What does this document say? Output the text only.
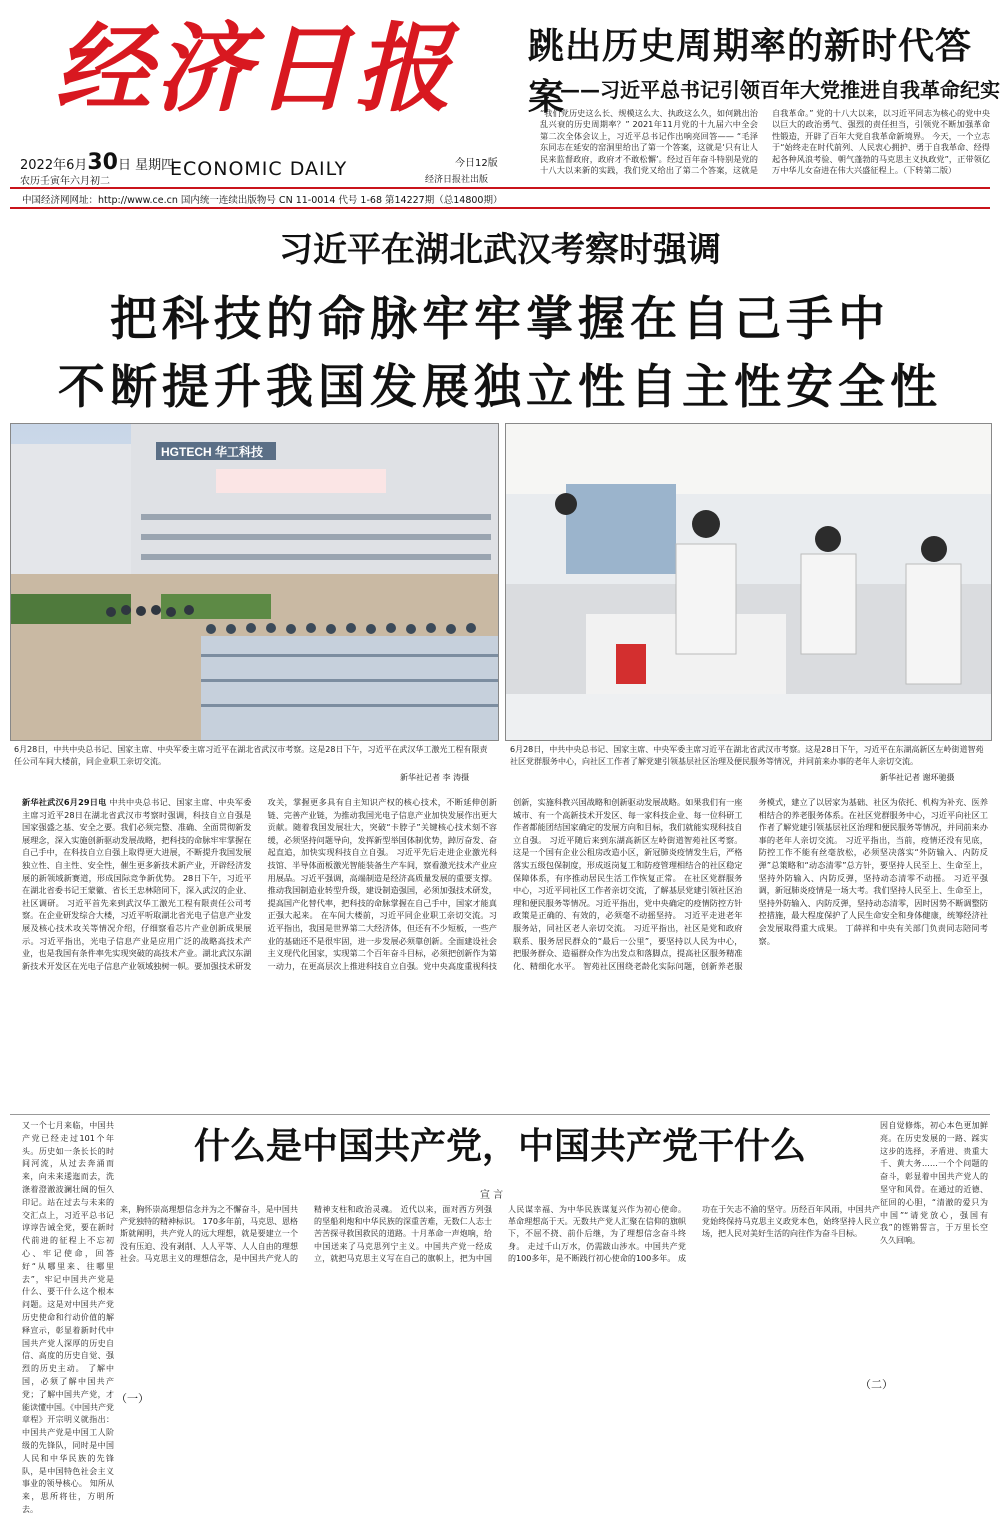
经济日报
2022年6月30日 星期四
农历壬寅年六月初二
ECONOMIC DAILY	今日12版
经济日报社出版
中国经济网网址：http://www.ce.cn 国内统一连续出版物号 CN 11-0014 代号 1-68 第14227期（总14800期）
跳出历史周期率的新时代答案
——习近平总书记引领百年大党推进自我革命纪实
“我们党历史这么长、规模这么大、执政这么久，如何跳出治乱兴衰的历史周期率？” 2021年11月党的十九届六中全会第二次全体会议上，习近平总书记作出响亮回答—— “毛泽东同志在延安的窑洞里给出了第一个答案，这就是‘只有让人民来监督政府，政府才不敢松懈’。经过百年奋斗特别是党的十八大以来新的实践，我们党又给出了第二个答案，这就是自我革命。” 党的十八大以来，以习近平同志为核心的党中央以巨大的政治勇气、强烈的责任担当，引领党不断加强革命性锻造，开辟了百年大党自我革命新境界。 今天，一个立志于“始终走在时代前列、人民衷心拥护、勇于自我革命、经得起各种风浪考验、朝气蓬勃的马克思主义执政党”，正带领亿万中华儿女奋进在伟大兴盛征程上。（下转第二版）
习近平在湖北武汉考察时强调
把科技的命脉牢牢掌握在自己手中
不断提升我国发展独立性自主性安全性
HGTECH 华工科技
6月28日，中共中央总书记、国家主席、中央军委主席习近平在湖北省武汉市考察。这是28日下午，习近平在武汉华工激光工程有限责任公司车间大楼前，同企业职工亲切交流。
新华社记者 李 涛摄
6月28日，中共中央总书记、国家主席、中央军委主席习近平在湖北省武汉市考察。这是28日下午，习近平在东湖高新区左岭街道智苑社区党群服务中心，向社区工作者了解党建引领基层社区治理及便民服务等情况，并同前来办事的老年人亲切交流。
新华社记者 谢环驰摄
新华社武汉6月29日电 中共中央总书记、国家主席、中央军委主席习近平28日在湖北省武汉市考察时强调，科技自立自强是国家强盛之基、安全之要。我们必须完整、准确、全面贯彻新发展理念，深入实施创新驱动发展战略，把科技的命脉牢牢掌握在自己手中，在科技自立自强上取得更大进展，不断提升我国发展独立性、自主性、安全性，催生更多新技术新产业，开辟经济发展的新领域新赛道，形成国际竞争新优势。 28日下午，习近平在湖北省委书记王蒙徽、省长王忠林陪同下，深入武汉的企业、社区调研。 习近平首先来到武汉华工激光工程有限责任公司考察。在企业研发综合大楼，习近平听取湖北省光电子信息产业发展及核心技术攻关等情况介绍，仔细察看芯片产业创新成果展示。习近平指出，光电子信息产业是应用广泛的战略高技术产业，也是我国有条件率先实现突破的高技术产业。湖北武汉东湖新技术开发区在光电子信息产业领域独树一帜。要加强技术研发攻关，掌握更多具有自主知识产权的核心技术，不断延伸创新链、完善产业链，为推动我国光电子信息产业加快发展作出更大贡献。随着我国发展壮大，突破“卡脖子”关键核心技术刻不容缓，必须坚持问题导向，发挥新型举国体制优势，踔厉奋发、奋起直追，加快实现科技自立自强。 习近平先后走进企业激光科技馆、半导体面板激光智能装备生产车间，察看激光技术产业应用展品。习近平强调，高端制造是经济高质量发展的重要支撑。推动我国制造业转型升级，建设制造强国，必须加强技术研发，提高国产化替代率，把科技的命脉掌握在自己手中，国家才能真正强大起来。 在车间大楼前，习近平同企业职工亲切交流。习近平指出，我国是世界第二大经济体，但还有不少短板，一些产业的基础还不是很牢固，进一步发展必须靠创新。全面建设社会主义现代化国家，实现第二个百年奋斗目标，必须把创新作为第一动力，在更高层次上推进科技自立自强。党中央高度重视科技创新，实施科教兴国战略和创新驱动发展战略。如果我们有一座城市、有一个高新技术开发区、每一家科技企业、每一位科研工作者都能团结国家确定的发展方向和目标，我们就能实现科技自立自强。 习近平随后来到东湖高新区左岭街道智苑社区考察。这是一个国有企业公租房改造小区，新冠肺炎疫情发生后，严格落实五级包保制度，形成返岗复工和防疫管理相结合的社区稳定保障体系，有序推动居民生活工作恢复正常。 在社区党群服务中心，习近平同社区工作者亲切交流，了解基层党建引领社区治理和便民服务等情况。习近平指出，党中央确定的疫情防控方针政策是正确的、有效的，必须毫不动摇坚持。 习近平走进老年服务站，同社区老人亲切交流。 习近平指出，社区是党和政府联系、服务居民群众的“最后一公里”，要坚持以人民为中心，把服务群众、造福群众作为出发点和落脚点，提高社区服务精准化、精细化水平。 智苑社区围绕老龄化实际问题，创新养老服务模式，建立了以居家为基础、社区为依托、机构为补充、医养相结合的养老服务体系。在社区党群服务中心，习近平向社区工作者了解党建引领基层社区治理和便民服务等情况，并同前来办事的老年人亲切交流。 习近平指出，当前，疫情还没有见底，防控工作不能有丝毫放松，必须坚决落实“外防输入、内防反弹”总策略和“动态清零”总方针，要坚持人民至上、生命至上，坚持外防输入、内防反弹，坚持动态清零不动摇。 习近平强调，新冠肺炎疫情是一场大考。我们坚持人民至上、生命至上，坚持外防输入、内防反弹，坚持动态清零，因时因势不断调整防控措施，最大程度保护了人民生命安全和身体健康，统筹经济社会发展取得重大成果。 丁薛祥和中央有关部门负责同志陪同考察。
又一个七月来临，中国共产党已经走过101个年头。历史如一条长长的时间河流，从过去奔涌而来，向未来逶迤而去，洗涤着澄澈波澜壮阔的恒久印记。站在过去与未来的交汇点上，习近平总书记谆谆告诫全党，要在新时代前进的征程上不忘初心、牢记使命，回答好“从哪里来、往哪里去”，牢记中国共产党是什么、要干什么这个根本问题。这是对中国共产党历史使命和行动价值的解释宣示，彰显着新时代中国共产党人深厚的历史自信、高度的历史自觉、强烈的历史主动。 了解中国，必须了解中国共产党；了解中国共产党，才能读懂中国。《中国共产党章程》开宗明义就指出：中国共产党是中国工人阶级的先锋队，同时是中国人民和中华民族的先锋队，是中国特色社会主义事业的领导核心。 知所从来，思所将往，方明所去。
（一）
什么是中国共产党，中国共产党干什么
宣 言
来，胸怀崇高理想信念并为之不懈奋斗，是中国共产党独特的精神标识。 170多年前，马克思、恩格斯就阐明，共产党人的远大理想，就是要建立一个没有压迫、没有剥削、人人平等、人人自由的理想社会。马克思主义的理想信念，是中国共产党人的精神支柱和政治灵魂。 近代以来，面对西方列强的坚船利炮和中华民族的深重苦难，无数仁人志士苦苦探寻救国救民的道路。十月革命一声炮响，给中国送来了马克思列宁主义。中国共产党一经成立，就把马克思主义写在自己的旗帜上，把为中国人民谋幸福、为中华民族谋复兴作为初心使命。 革命理想高于天。无数共产党人汇聚在信仰的旗帜下，不屈不挠、前仆后继，为了理想信念奋斗终身。 走过千山万水，仍需跋山涉水。中国共产党的100多年，是不断践行初心使命的100多年。 成功在于矢志不渝的坚守。历经百年风雨，中国共产党始终保持马克思主义政党本色，始终坚持人民立场，把人民对美好生活的向往作为奋斗目标。
因自觉修炼，初心本色更加鲜亮。在历史发展的一路、踩实这步的选择，矛盾进、贵重大千、黄大务……一个个问题的奋斗，彰显着中国共产党人的坚守和风骨。在通过的近德、征回的心胆，“清澈的爱只为中国”“请党放心，强国有我”的铿锵誓言，于万里长空久久回响。
（二）
